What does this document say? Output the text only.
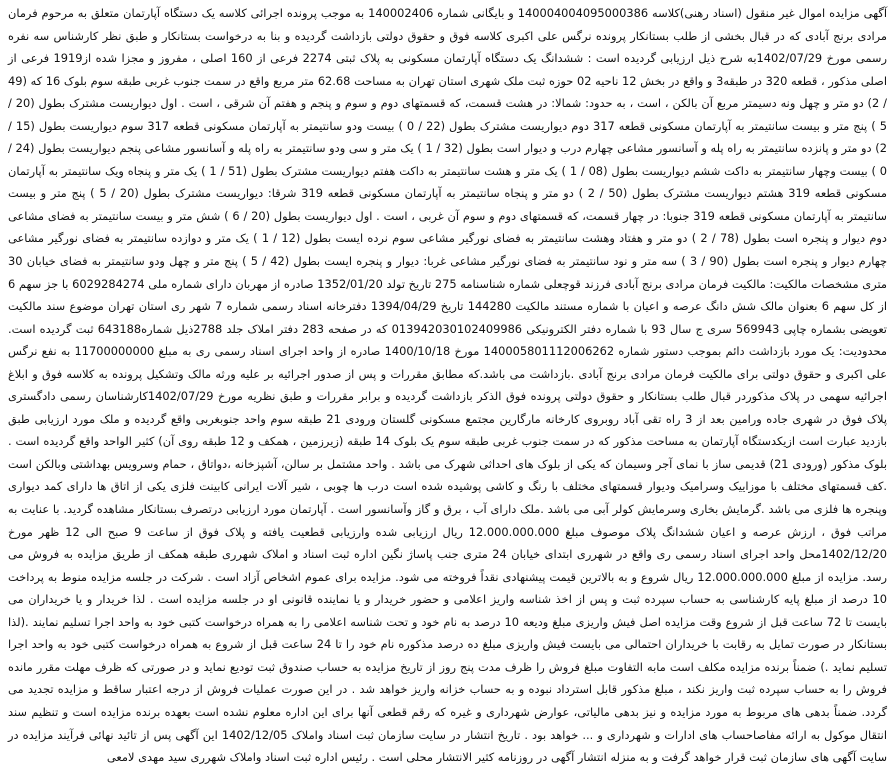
آگهی مزایده اموال غیر منقول (اسناد رهنی)کلاسه 140004004095000386 و بایگانی شماره 140002406 به موجب پرونده اجرائی کلاسه یک دستگاه آپارتمان متعلق به مرحوم فرمان مرادی برنج آبادی که در قبال بخشی از طلب بستانکار پرونده نرگس علی اکبری کلاسه فوق و حقوق دولتی بازداشت گردیده و بنا به درخواست بستانکار و طبق نظر کارشناس سه نفره رسمی مورخ 1402/07/29به شرح ذیل ارزیابی گردیده است : ششدانگ یک دستگاه آپارتمان مسکونی به پلاک ثبتی 2274 فرعی از 160 اصلی ، مفروز و مجزا شده از1919 فرعی از اصلی مذکور ، قطعه 320 در طبقه3 و واقع در بخش 12 ناحیه 02 حوزه ثبت ملک شهری استان تهران به مساحت 62.68 متر مربع واقع در سمت جنوب غربی طبقه سوم بلوک 16 که (49 / 2) دو متر و چهل ونه دسیمتر مربع آن بالکن ، است ، به حدود: شمالا: در هشت قسمت، که قسمتهای دوم و سوم و پنجم و هفتم آن شرقی ، است . اول دیواریست مشترک بطول (20 / 5 ) پنج متر و بیست سانتیمتر به آپارتمان مسکونی قطعه 317 دوم دیواریست مشترک بطول (22 / 0 ) بیست ودو سانتیمتر به آپارتمان مسکونی قطعه 317 سوم دیواریست بطول (15 / 2) دو متر و پانزده سانتیمتر به راه پله و آسانسور مشاعی چهارم درب و دیوار است بطول (32 / 1 ) یک متر و سی ودو سانتیمتر به راه پله و آسانسور مشاعی پنجم دیواریست بطول (24 / 0 ) بیست وچهار سانتیمتر به داکت ششم دیواریست بطول (08 / 1 ) یک متر و هشت سانتیمتر به داکت هفتم دیواریست مشترک بطول (51 / 1 ) یک متر و پنجاه ویک سانتیمتر به آپارتمان مسکونی قطعه 319 هشتم دیواریست مشترک بطول (50 / 2 ) دو متر و پنجاه سانتیمتر به آپارتمان مسکونی قطعه 319 شرقا: دیواریست مشترک بطول (20 / 5 ) پنج متر و بیست سانتیمتر به آپارتمان مسکونی قطعه 319 جنوبا: در چهار قسمت، که قسمتهای دوم و سوم آن غربی ، است . اول دیواریست بطول (20 / 6 ) شش متر و بیست سانتیمتر به فضای مشاعی دوم دیوار و پنجره است بطول (78 / 2 ) دو متر و هفتاد وهشت سانتیمتر به فضای نورگیر مشاعی سوم نرده ایست بطول (12 / 1 ) یک متر و دوازده سانتیمتر به فضای نورگیر مشاعی چهارم دیوار و پنجره است بطول (90 / 3 ) سه متر و نود سانتیمتر به فضای نورگیر مشاعی غربا: دیوار و پنجره ایست بطول (42 / 5 ) پنج متر و چهل ودو سانتیمتر به فضای خیابان 30 متری مشخصات مالکیت: مالکیت فرمان مرادی برنج آبادی فرزند قوچعلی شماره شناسنامه 275 تاریخ تولد 1352/01/20 صادره از مهربان دارای شماره ملی 6029284274 با جز سهم 6 از کل سهم 6 بعنوان مالک شش دانگ عرصه و اعیان با شماره مستند مالکیت 144280 تاریخ 1394/04/29 دفترخانه اسناد رسمی شماره 7 شهر ری استان تهران موضوع سند مالکیت تعویضی بشماره چاپی 569943 سری ج سال 93 با شماره دفتر الکترونیکی 013942030102409986 که در صفحه 283 دفتر املاک جلد 2788ذیل شماره643188 ثبت گردیده است. محدودیت: یک مورد بازداشت دائم بموجب دستور شماره 140005801112006262 مورخ 1400/10/18 صادره از واحد اجرای اسناد رسمی ری به مبلغ 11700000000 به نفع نرگس علی اکبری و حقوق دولتی برای مالکیت فرمان مرادی برنج آبادی .بازداشت می باشد.که مطابق مقررات و پس از صدور اجرائیه بر علیه ورثه مالک وتشکیل پرونده به کلاسه فوق و ابلاغ اجرائیه سهمی در پلاک مذکوردر قبال طلب بستانکار و حقوق دولتی پرونده فوق الذکر بازداشت گردیده و برابر مقررات و طبق نظریه مورخ 1402/07/29کارشناسان رسمی دادگستری پلاک فوق در شهری جاده ورامین بعد از 3 راه تقی آباد روبروی کارخانه مارگارین مجتمع مسکونی گلستان ورودی 21 طبقه سوم واحد جنوبغربی واقع گردیده و ملک مورد ارزیابی طبق بازدید عبارت است ازیکدستگاه آپارتمان به مساحت مذکور که در سمت جنوب غربی طبقه سوم یک بلوک 14 طبقه (زیرزمین ، همکف و 12 طبقه روی آن) کثیر الواحد واقع گردیده است . بلوک مذکور (ورودی 21) قدیمی ساز با نمای آجر وسیمان که یکی از بلوک های احداثی شهرک می باشد . واحد مشتمل بر سالن، آشپزخانه ،دواتاق ، حمام وسرویس بهداشتی وبالکن است .کف قسمتهای مختلف با موزاییک وسرامیک ودیوار قسمتهای مختلف با رنگ و کاشی پوشیده شده است درب ها چوبی ، شیر آلات ایرانی کابینت فلزی یکی از اتاق ها دارای کمد دیواری وپنجره ها فلزی می باشد .گرمایش بخاری وسرمایش کولر آبی می باشد .ملک دارای آب ، برق و گاز وآسانسور است . آپارتمان مورد ارزیابی درتصرف بستانکار مشاهده گردید. با عنایت به مراتب فوق ، ارزش عرصه و اعیان ششدانگ پلاک موصوف مبلغ 12.000.000.000 ریال ارزیابی شده وارزیابی قطعیت یافته و پلاک فوق از ساعت 9 صبح الی 12 ظهر مورخ 1402/12/20محل واحد اجرای اسناد رسمی ری واقع در شهرری ابتدای خیابان 24 متری جنب پاساژ نگین اداره ثبت اسناد و املاک شهرری طبقه همکف از طریق مزایده به فروش می رسد. مزایده از مبلغ 12.000.000.000 ریال شروع و به بالاترین قیمت پیشنهادی نقداً فروخته می شود. مزایده برای عموم اشخاص آزاد است . شرکت در جلسه مزایده منوط به پرداخت 10 درصد از مبلغ پایه کارشناسی به حساب سپرده ثبت و پس از اخذ شناسه واریز اعلامی و حضور خریدار و یا نماینده قانونی او در جلسه مزایده است . لذا خریدار و یا خریداران می بایست تا 72 ساعت قبل از شروع وقت مزایده اصل فیش واریزی مبلغ ودیعه 10 درصد به نام خود و تحت شناسه اعلامی را به همراه درخواست کتبی خود به واحد اجرا تسلیم نمایند .(لذا بستانکار در صورت تمایل به رقابت با خریداران احتمالی می بایست فیش واریزی مبلغ ده درصد مذکوره نام خود را تا 24 ساعت قبل از شروع به همراه درخواست کتبی خود به واحد اجرا تسلیم نماید .) ضمناً برنده مزایده مکلف است مابه التفاوت مبلغ فروش را ظرف مدت پنج روز از تاریخ مزایده به حساب صندوق ثبت تودیع نماید و در صورتی که ظرف مهلت مقرر مانده فروش را به حساب سپرده ثبت واریز نکند ، مبلغ مذکور قابل استرداد نبوده و به حساب خزانه واریز خواهد شد . در این صورت عملیات فروش از درجه اعتبار ساقط و مزایده تجدید می گردد. ضمناً بدهی های مربوط به مورد مزایده و نیز بدهی مالیاتی، عوارض شهرداری و غیره که رقم قطعی آنها برای این اداره معلوم نشده است بعهده برنده مزایده است و تنظیم سند انتقال موکول به ارائه مفاصاحساب های ادارات و شهرداری و ... خواهد بود . تاریخ انتشار در سایت سازمان ثبت اسناد واملاک 1402/12/05 این آگهی پس از تائید نهائی فرآیند مزایده در سایت آگهی های سازمان ثبت قرار خواهد گرفت و به منزله انتشار آگهی در روزنامه کثیر الانتشار محلی است . رئیس اداره ثبت اسناد واملاک شهرری سید مهدی لامعی
